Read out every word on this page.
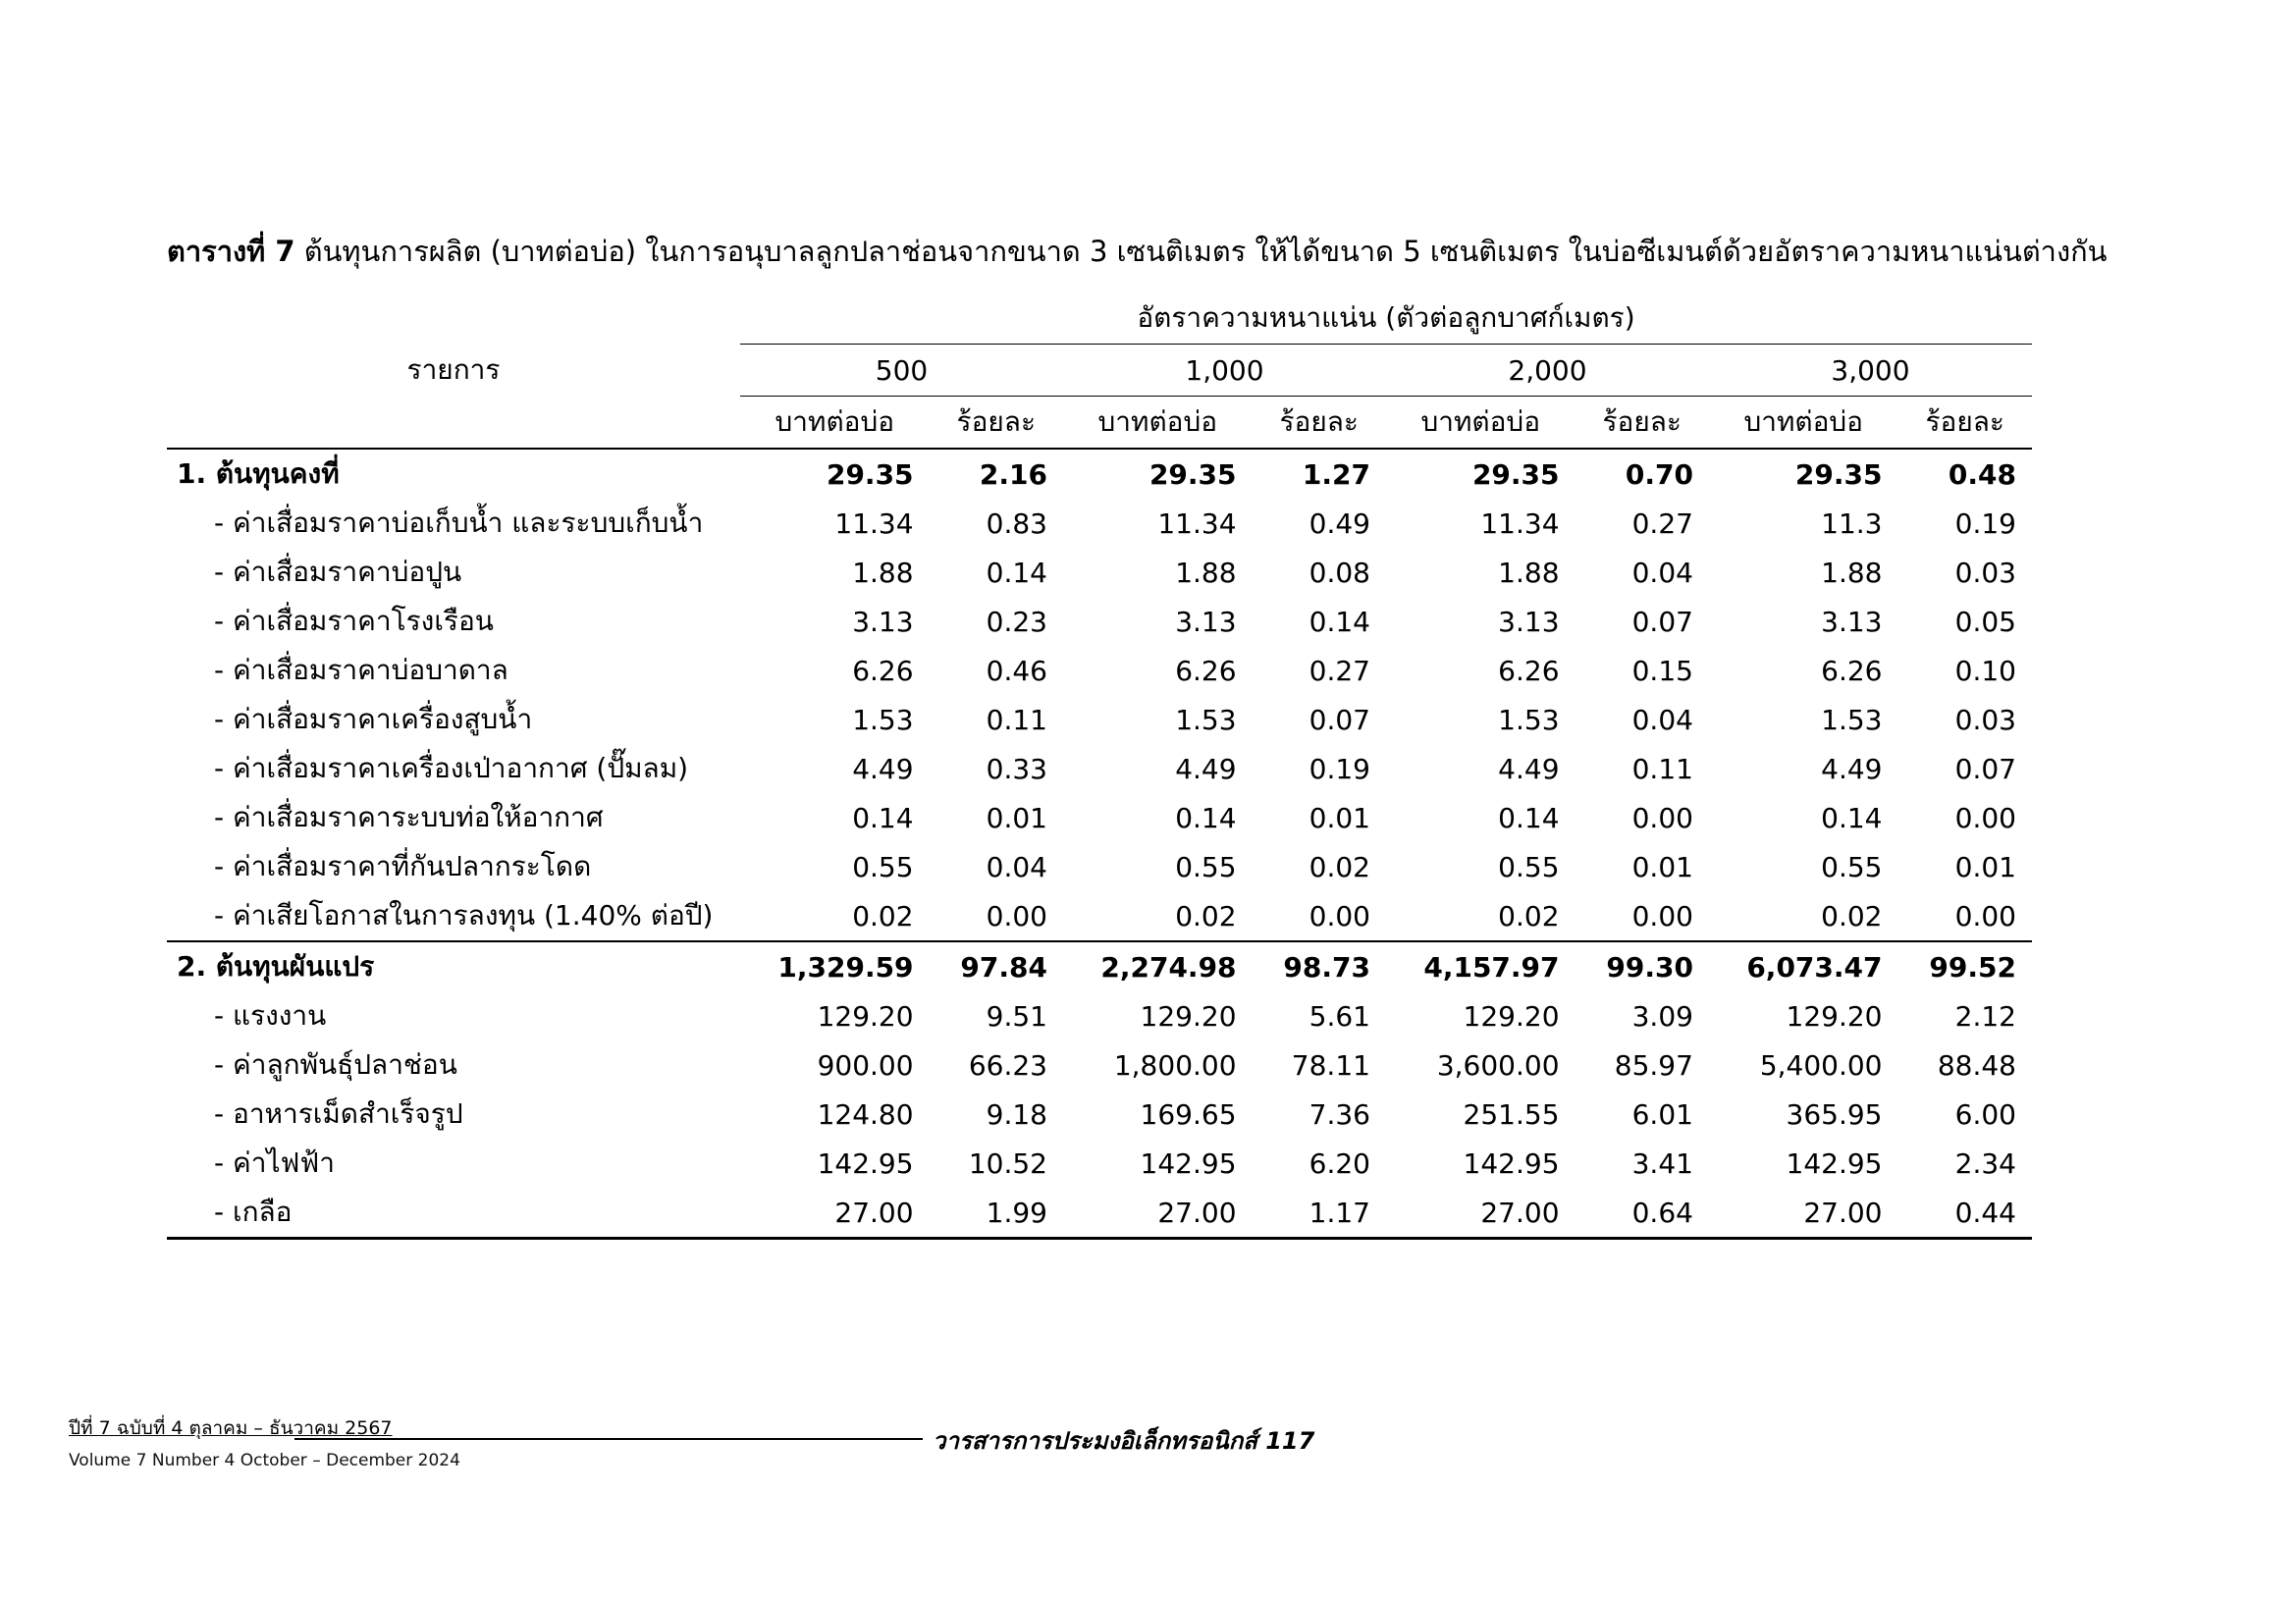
ตารางที่ 7 ต้นทุนการผลิต (บาทต่อบ่อ) ในการอนุบาลลูกปลาช่อนจากขนาด 3 เซนติเมตร ให้ได้ขนาด 5 เซนติเมตร ในบ่อซีเมนต์ด้วยอัตราความหนาแน่นต่างกัน
รายการ	อัตราความหนาแน่น (ตัวต่อลูกบาศก์เมตร)							
	500		1,000		2,000		3,000	
	บาทต่อบ่อ	ร้อยละ	บาทต่อบ่อ	ร้อยละ	บาทต่อบ่อ	ร้อยละ	บาทต่อบ่อ	ร้อยละ
1. ต้นทุนคงที่	29.35	2.16	29.35	1.27	29.35	0.70	29.35	0.48
- ค่าเสื่อมราคาบ่อเก็บน้ำ และระบบเก็บน้ำ	11.34	0.83	11.34	0.49	11.34	0.27	11.3	0.19
- ค่าเสื่อมราคาบ่อปูน	1.88	0.14	1.88	0.08	1.88	0.04	1.88	0.03
- ค่าเสื่อมราคาโรงเรือน	3.13	0.23	3.13	0.14	3.13	0.07	3.13	0.05
- ค่าเสื่อมราคาบ่อบาดาล	6.26	0.46	6.26	0.27	6.26	0.15	6.26	0.10
- ค่าเสื่อมราคาเครื่องสูบน้ำ	1.53	0.11	1.53	0.07	1.53	0.04	1.53	0.03
- ค่าเสื่อมราคาเครื่องเป่าอากาศ (ปั๊มลม)	4.49	0.33	4.49	0.19	4.49	0.11	4.49	0.07
- ค่าเสื่อมราคาระบบท่อให้อากาศ	0.14	0.01	0.14	0.01	0.14	0.00	0.14	0.00
- ค่าเสื่อมราคาที่กันปลากระโดด	0.55	0.04	0.55	0.02	0.55	0.01	0.55	0.01
- ค่าเสียโอกาสในการลงทุน (1.40% ต่อปี)	0.02	0.00	0.02	0.00	0.02	0.00	0.02	0.00
2. ต้นทุนผันแปร	1,329.59	97.84	2,274.98	98.73	4,157.97	99.30	6,073.47	99.52
- แรงงาน	129.20	9.51	129.20	5.61	129.20	3.09	129.20	2.12
- ค่าลูกพันธุ์ปลาช่อน	900.00	66.23	1,800.00	78.11	3,600.00	85.97	5,400.00	88.48
- อาหารเม็ดสำเร็จรูป	124.80	9.18	169.65	7.36	251.55	6.01	365.95	6.00
- ค่าไฟฟ้า	142.95	10.52	142.95	6.20	142.95	3.41	142.95	2.34
- เกลือ	27.00	1.99	27.00	1.17	27.00	0.64	27.00	0.44
ปีที่ 7 ฉบับที่ 4 ตุลาคม – ธันวาคม 2567
Volume 7 Number 4 October – December 2024
วารสารการประมงอิเล็กทรอนิกส์ 117
